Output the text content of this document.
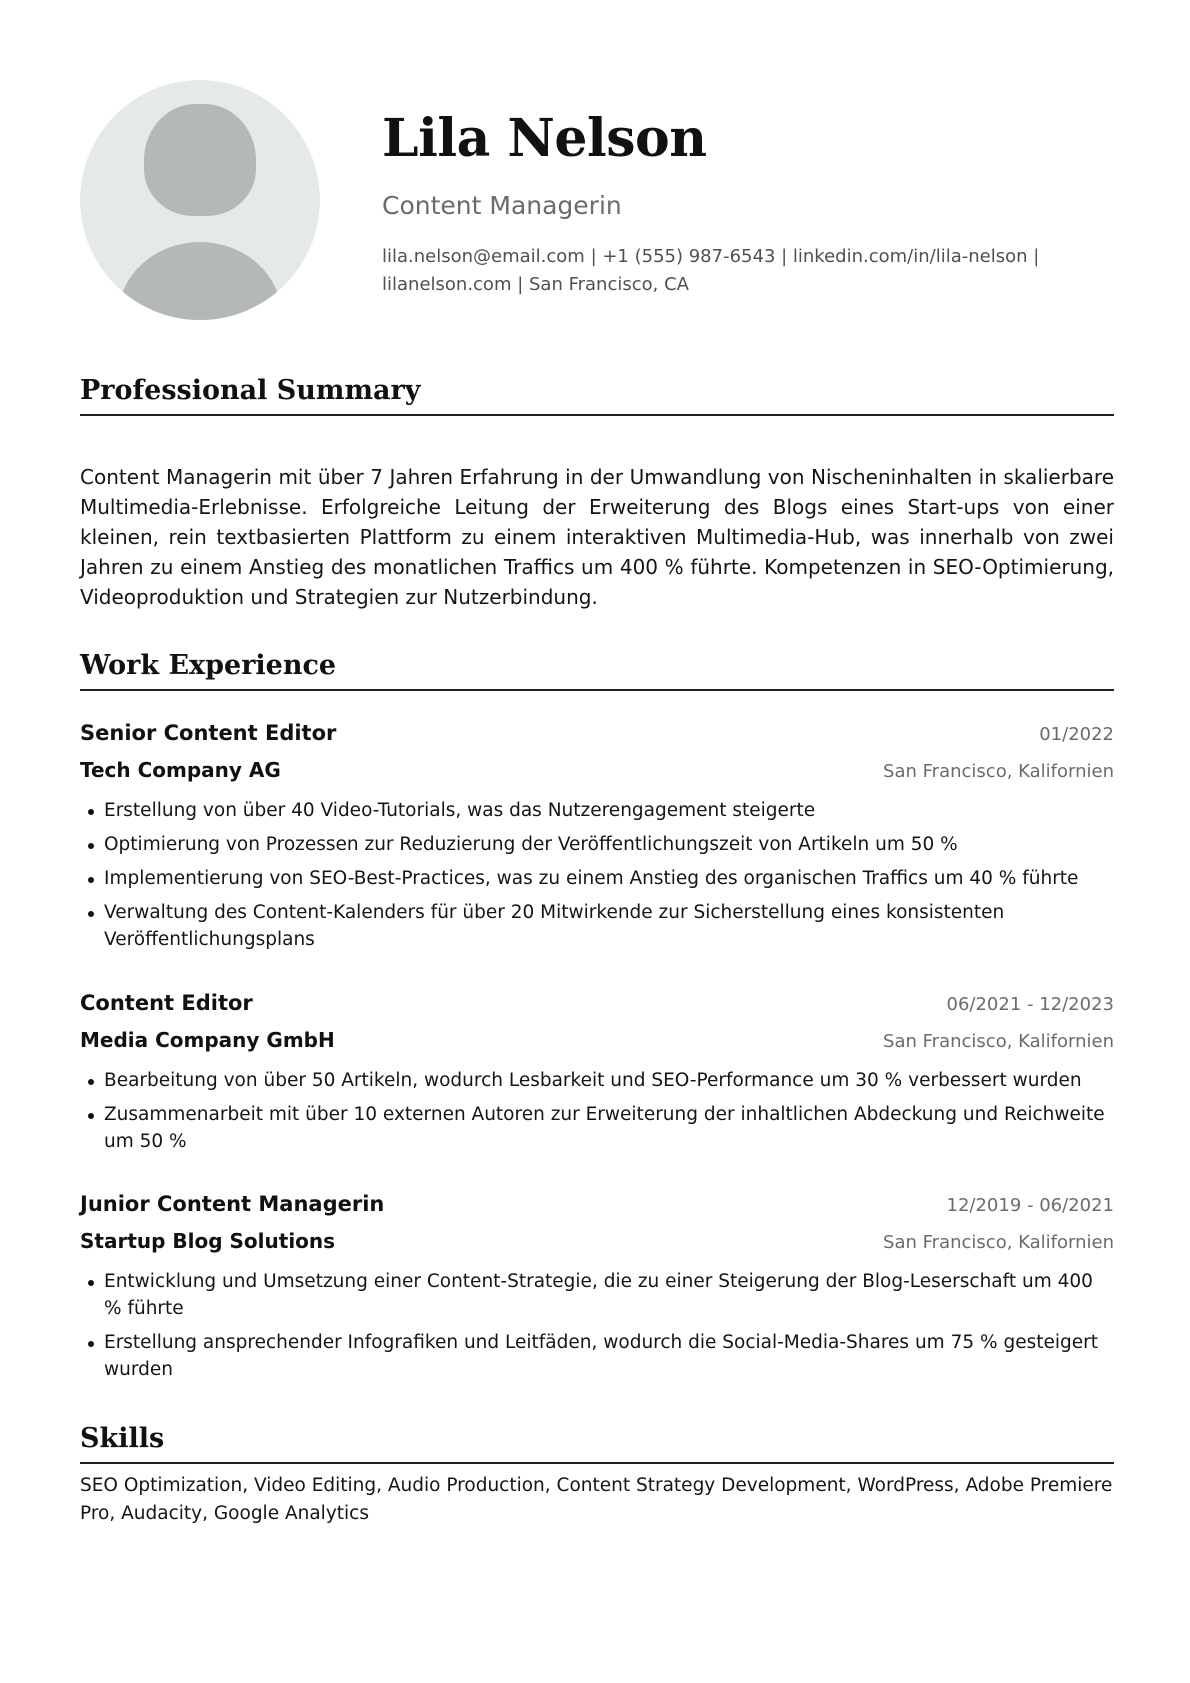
Lila Nelson
Content Managerin
lila.nelson@email.com | +1 (555) 987-6543 | linkedin.com/in/lila-nelson |
lilanelson.com | San Francisco, CA
Professional Summary

Content Managerin mit über 7 Jahren Erfahrung in der Umwandlung von Nischeninhalten in skalierbare Multimedia-Erlebnisse. Erfolgreiche Leitung der Erweiterung des Blogs eines Start-ups von einer kleinen, rein textbasierten Plattform zu einem interaktiven Multimedia-Hub, was innerhalb von zwei Jahren zu einem Anstieg des monatlichen Traffics um 400 % führte. Kompetenzen in SEO-Optimierung, Videoproduktion und Strategien zur Nutzerbindung.

Work Experience
Senior Content Editor	01/2022
Tech Company AG	San Francisco, Kalifornien
Erstellung von über 40 Video-Tutorials, was das Nutzerengagement steigerte
Optimierung von Prozessen zur Reduzierung der Veröffentlichungszeit von Artikeln um 50 %
Implementierung von SEO-Best-Practices, was zu einem Anstieg des organischen Traffics um 40 % führte
Verwaltung des Content-Kalenders für über 20 Mitwirkende zur Sicherstellung eines konsistenten Veröffentlichungsplans
Content Editor	06/2021 - 12/2023
Media Company GmbH	San Francisco, Kalifornien
Bearbeitung von über 50 Artikeln, wodurch Lesbarkeit und SEO-Performance um 30 % verbessert wurden
Zusammenarbeit mit über 10 externen Autoren zur Erweiterung der inhaltlichen Abdeckung und Reichweite um 50 %
Junior Content Managerin	12/2019 - 06/2021
Startup Blog Solutions	San Francisco, Kalifornien
Entwicklung und Umsetzung einer Content-Strategie, die zu einer Steigerung der Blog-Leserschaft um 400 % führte
Erstellung ansprechender Infografiken und Leitfäden, wodurch die Social-Media-Shares um 75 % gesteigert wurden
Skills

SEO Optimization, Video Editing, Audio Production, Content Strategy Development, WordPress, Adobe Premiere Pro, Audacity, Google Analytics
